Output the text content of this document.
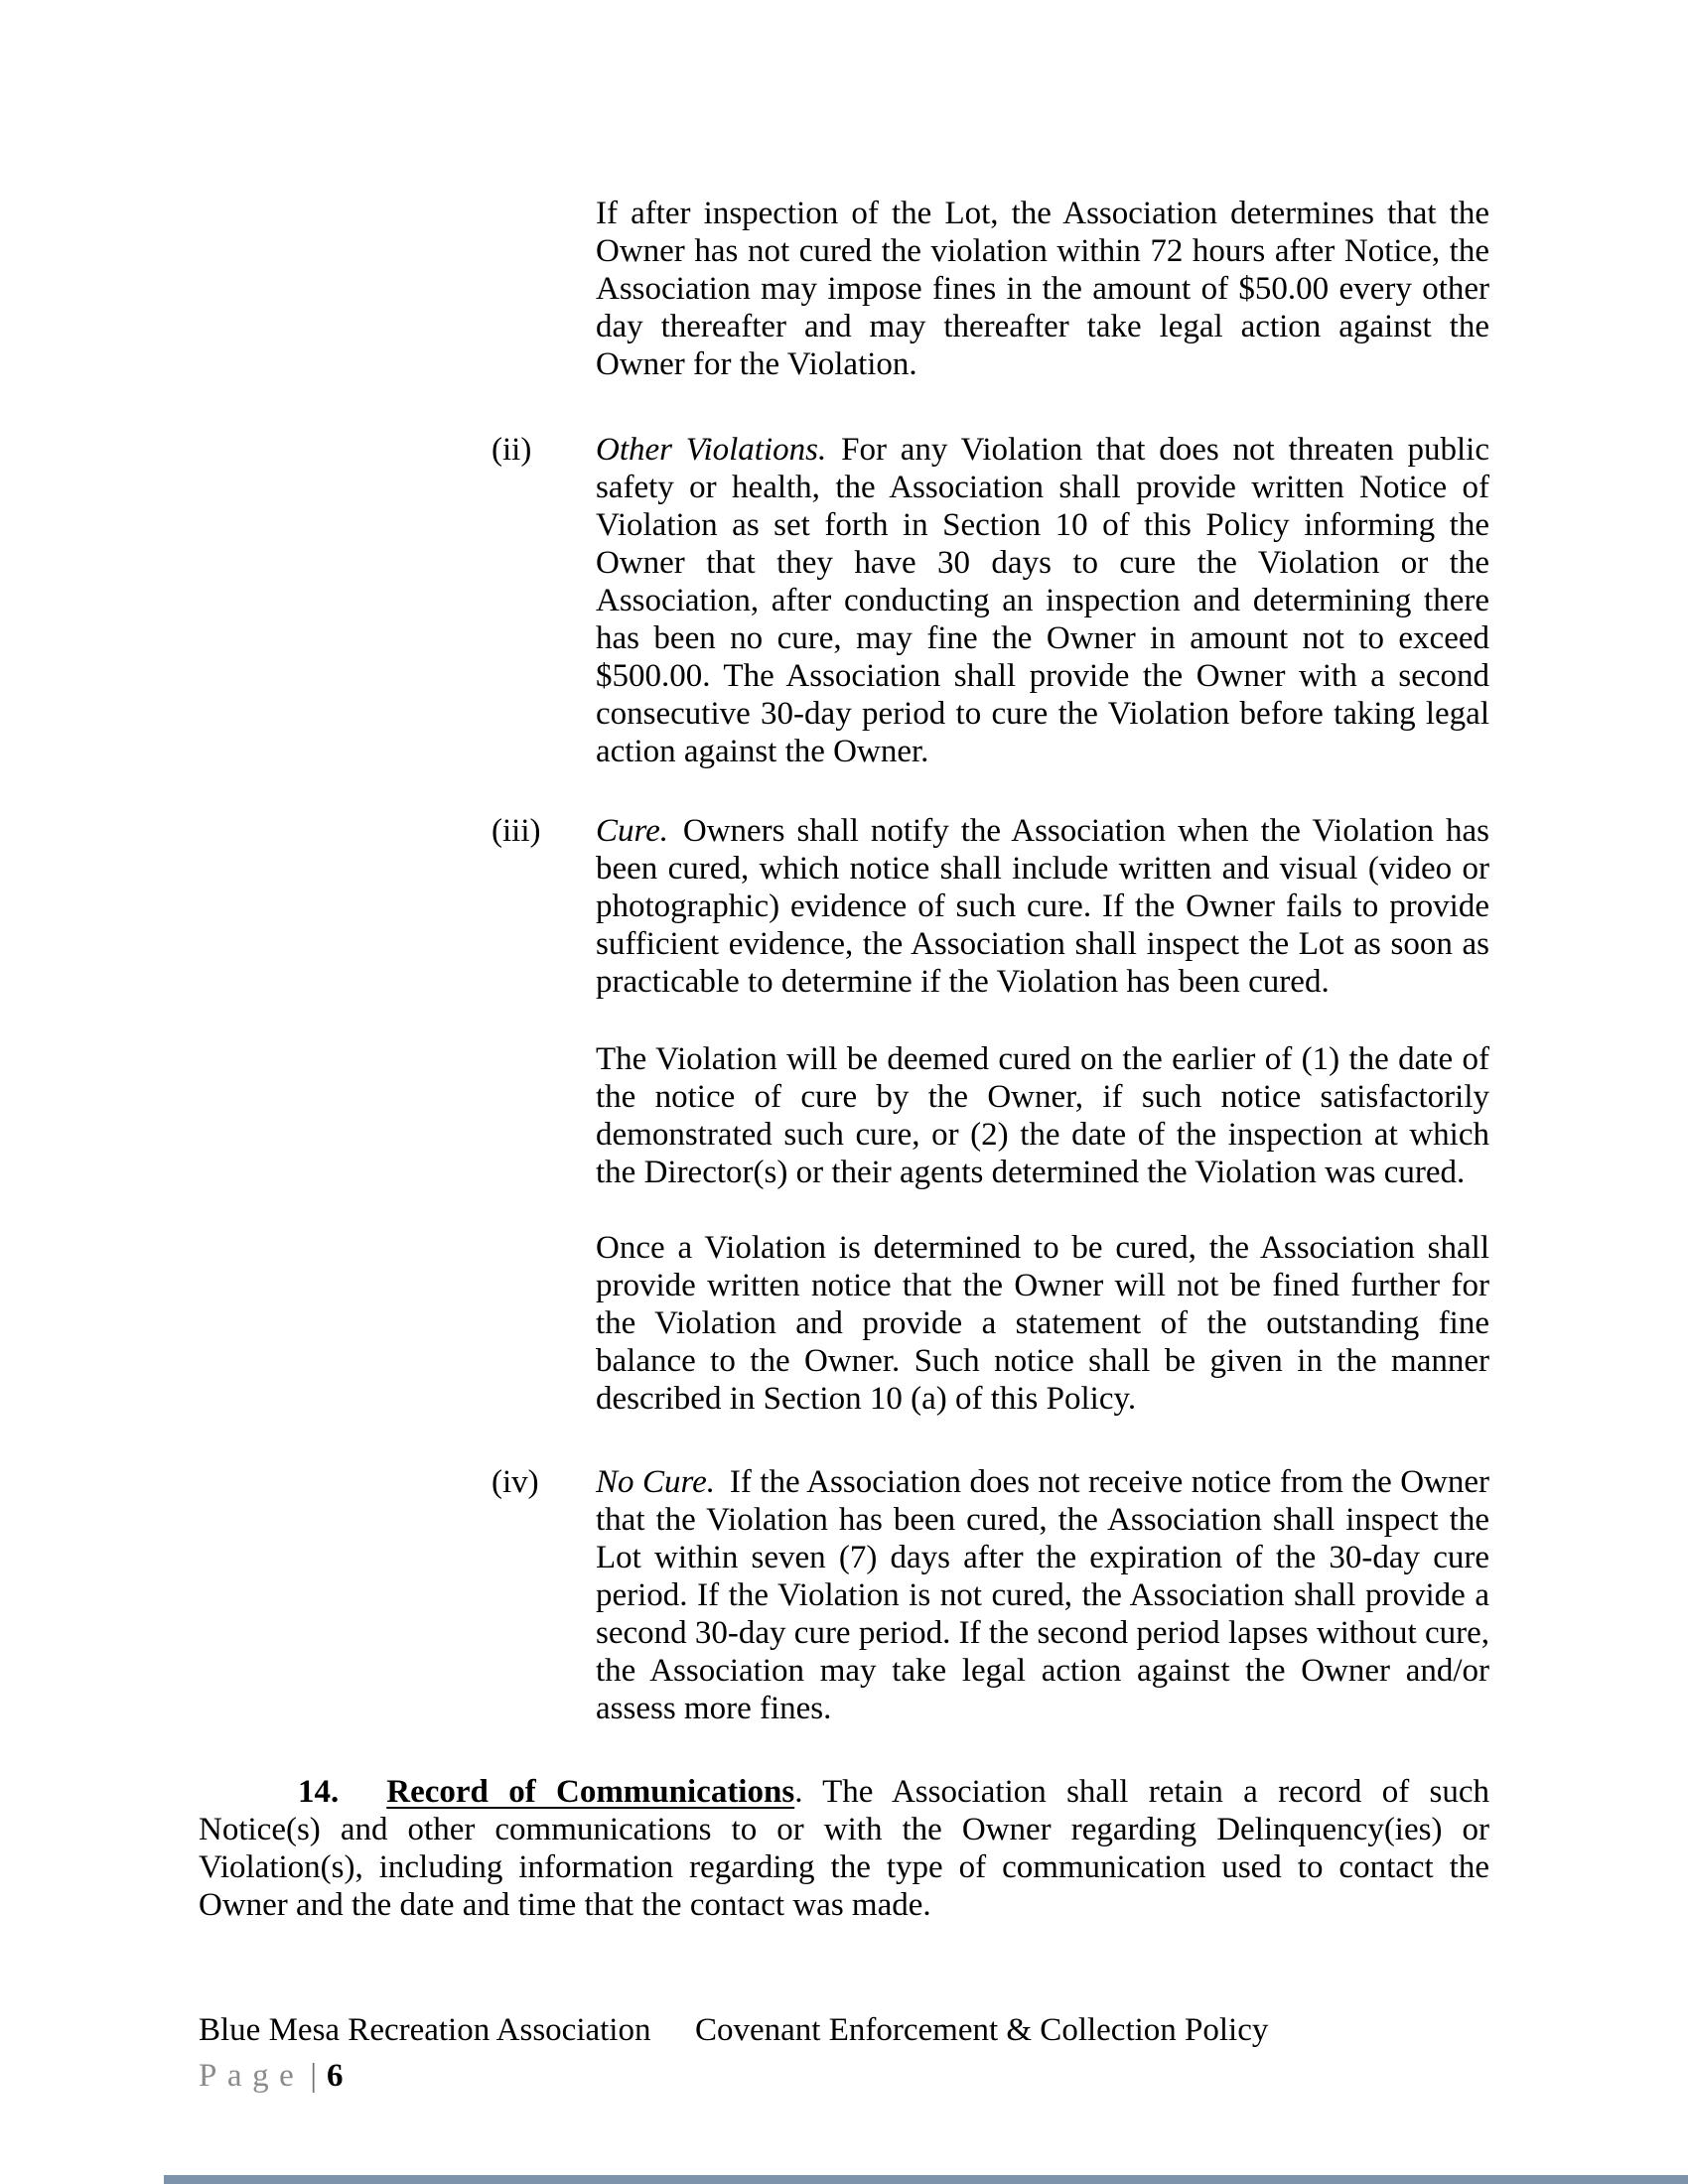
If after inspection of the Lot, the Association determines that the Owner has not cured the violation within 72 hours after Notice, the Association may impose fines in the amount of $50.00 every other day thereafter and may thereafter take legal action against the Owner for the Violation.

(ii)	Other Violations. For any Violation that does not threaten public safety or health, the Association shall provide written Notice of Violation as set forth in Section 10 of this Policy informing the Owner that they have 30 days to cure the Violation or the Association, after conducting an inspection and determining there has been no cure, may fine the Owner in amount not to exceed $500.00. The Association shall provide the Owner with a second consecutive 30-day period to cure the Violation before taking legal action against the Owner.
(iii)	Cure. Owners shall notify the Association when the Violation has been cured, which notice shall include written and visual (video or photographic) evidence of such cure. If the Owner fails to provide sufficient evidence, the Association shall inspect the Lot as soon as practicable to determine if the Violation has been cured.

The Violation will be deemed cured on the earlier of (1) the date of the notice of cure by the Owner, if such notice satisfactorily demonstrated such cure, or (2) the date of the inspection at which the Director(s) or their agents determined the Violation was cured.

Once a Violation is determined to be cured, the Association shall provide written notice that the Owner will not be fined further for the Violation and provide a statement of the outstanding fine balance to the Owner. Such notice shall be given in the manner described in Section 10 (a) of this Policy.

(iv)	No Cure. If the Association does not receive notice from the Owner that the Violation has been cured, the Association shall inspect the Lot within seven (7) days after the expiration of the 30-day cure period. If the Violation is not cured, the Association shall provide a second 30-day cure period. If the second period lapses without cure, the Association may take legal action against the Owner and/or assess more fines.

14. Record of Communications. The Association shall retain a record of such Notice(s) and other communications to or with the Owner regarding Delinquency(ies) or Violation(s), including information regarding the type of communication used to contact the Owner and the date and time that the contact was made.

Blue Mesa Recreation Association Covenant Enforcement & Collection Policy
Page | 6
